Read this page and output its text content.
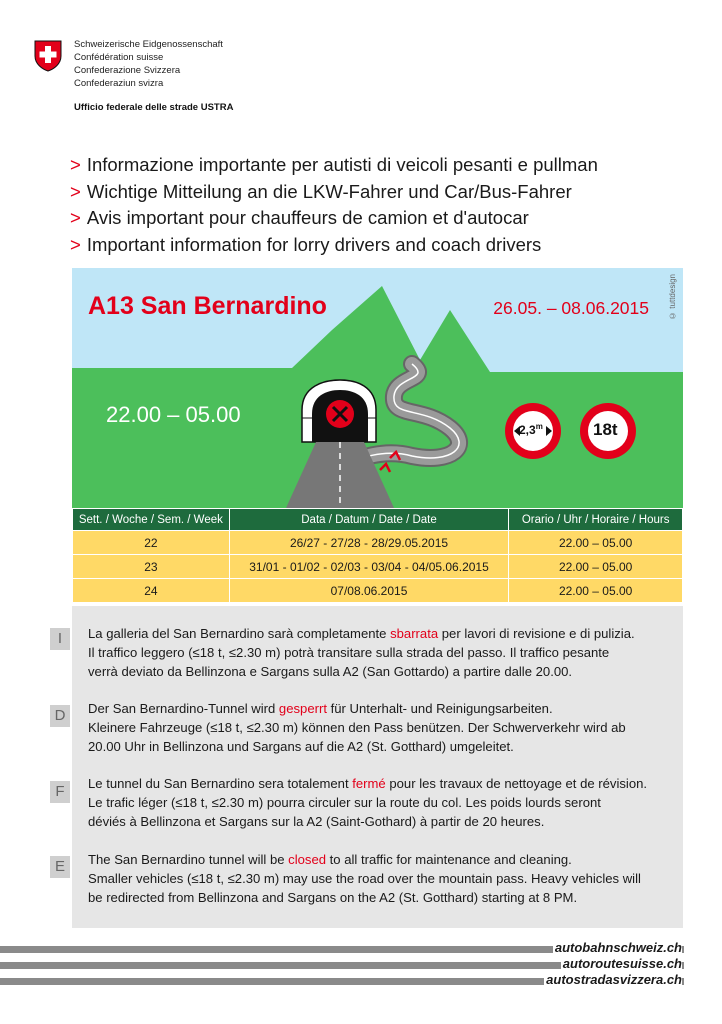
Schweizerische Eidgenossenschaft
Confédération suisse
Confederazione Svizzera
Confederaziun svizra
Ufficio federale delle strade USTRA
> Informazione importante per autisti di veicoli pesanti e pullman
> Wichtige Mitteilung an die LKW-Fahrer und Car/Bus-Fahrer
> Avis important pour chauffeurs de camion et d'autocar
> Important information for lorry drivers and coach drivers
A13 San Bernardino	26.05. – 08.06.2015
22.00 – 05.00
© tuttdesign
2,3$^m$	18t
Sett. / Woche / Sem. / Week	Data / Datum / Date / Date	Orario / Uhr / Horaire / Hours
22	26/27 - 27/28 - 28/29.05.2015	22.00 – 05.00
23	31/01 - 01/02 - 02/03 - 03/04 - 04/05.06.2015	22.00 – 05.00
24	07/08.06.2015	22.00 – 05.00
I
D
F
E
La galleria del San Bernardino sarà completamente sbarrata per lavori di revisione e di pulizia.
Il traffico leggero (≤18 t, ≤2.30 m) potrà transitare sulla strada del passo. Il traffico pesante
verrà deviato da Bellinzona e Sargans sulla A2 (San Gottardo) a partire dalle 20.00.
Der San Bernardino-Tunnel wird gesperrt für Unterhalt- und Reinigungsarbeiten.
Kleinere Fahrzeuge (≤18 t, ≤2.30 m) können den Pass benützen. Der Schwerverkehr wird ab
20.00 Uhr in Bellinzona und Sargans auf die A2 (St. Gotthard) umgeleitet.
Le tunnel du San Bernardino sera totalement fermé pour les travaux de nettoyage et de révision.
Le trafic léger (≤18 t, ≤2.30 m) pourra circuler sur la route du col. Les poids lourds seront
déviés à Bellinzona et Sargans sur la A2 (Saint-Gothard) à partir de 20 heures.
The San Bernardino tunnel will be closed to all traffic for maintenance and cleaning.
Smaller vehicles (≤18 t, ≤2.30 m) may use the road over the mountain pass. Heavy vehicles will
be redirected from Bellinzona and Sargans on the A2 (St. Gotthard) starting at 8 PM.
autobahnschweiz.ch
autoroutesuisse.ch
autostradasvizzera.ch
